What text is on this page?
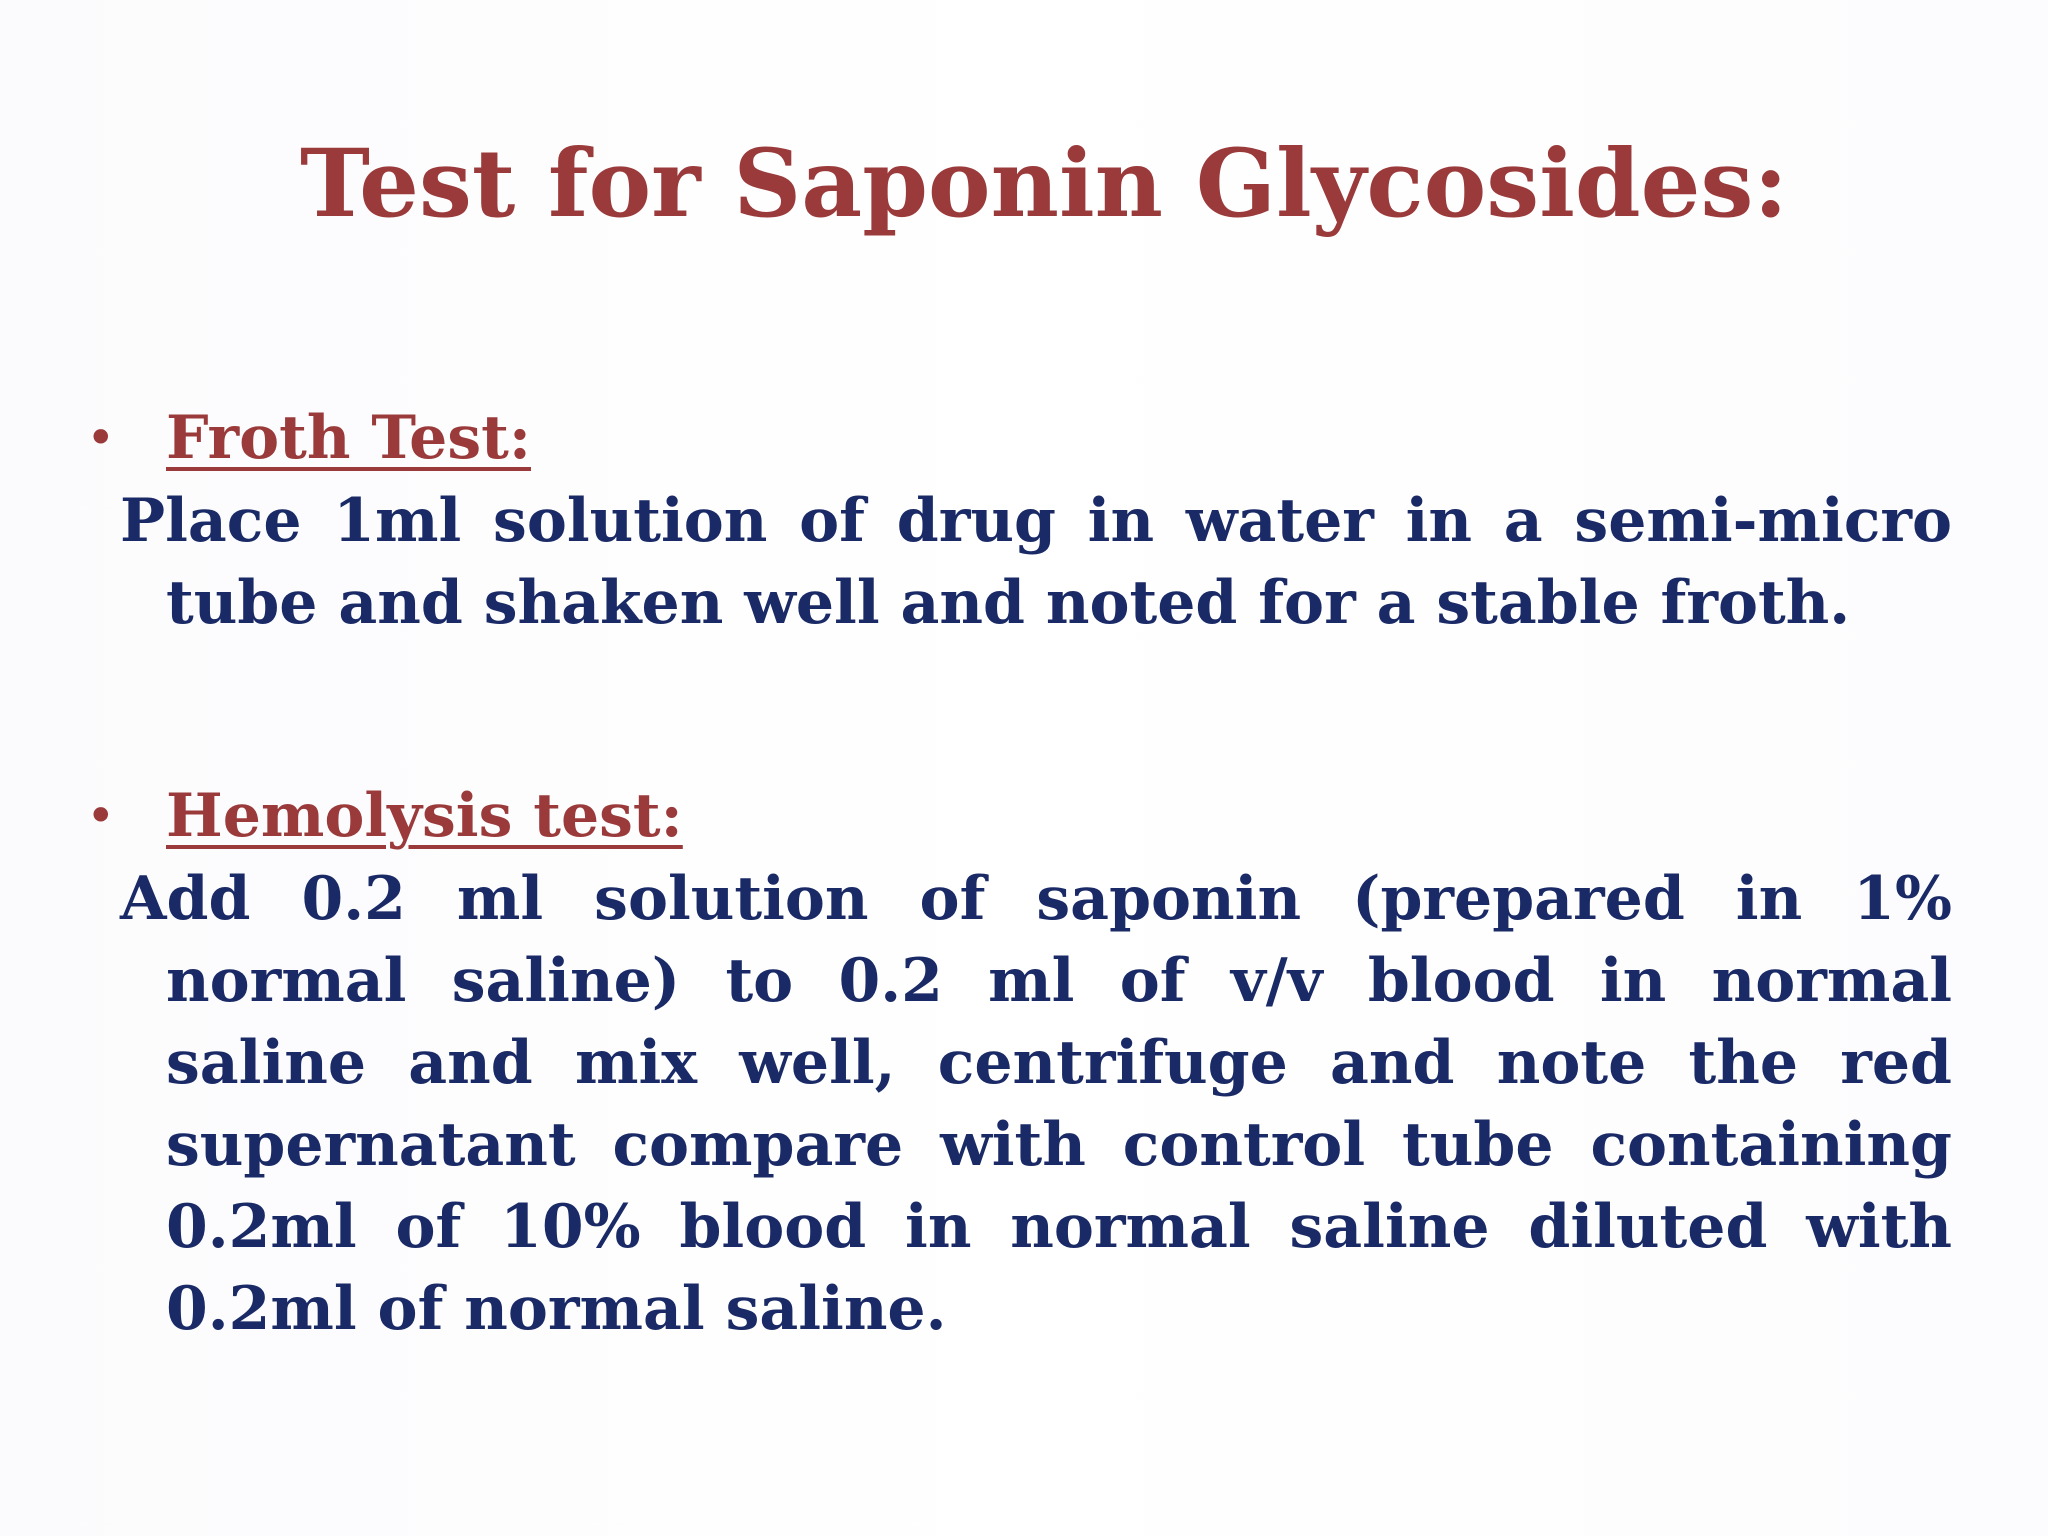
Test for Saponin Glycosides:
• Froth Test:

Place 1ml solution of drug in water in a semi-micro tube and shaken well and noted for a stable froth.

• Hemolysis test:

Add 0.2 ml solution of saponin (prepared in 1% normal saline) to 0.2 ml of v/v blood in normal saline and mix well, centrifuge and note the red supernatant compare with control tube containing 0.2ml of 10% blood in normal saline diluted with 0.2ml of normal saline.
